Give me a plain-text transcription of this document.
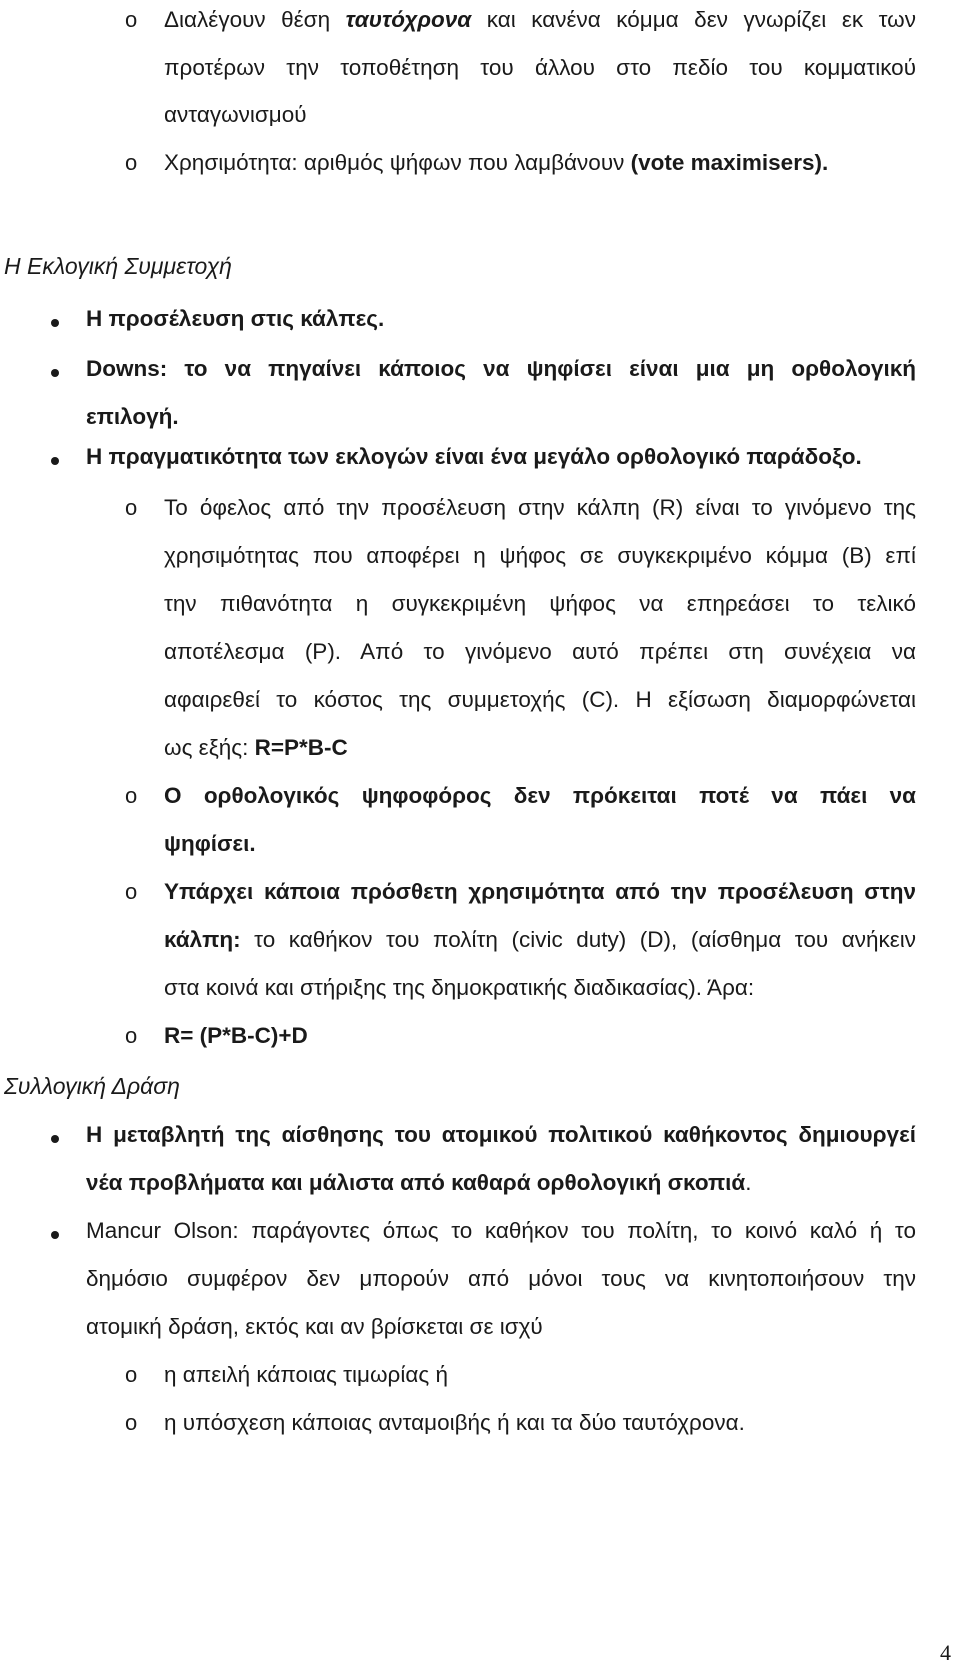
o Διαλέγουν θέση ταυτόχρονα και κανένα κόμμα δεν γνωρίζει εκ των
προτέρων την τοποθέτηση του άλλου στο πεδίο του κομματικού
ανταγωνισμού
o Χρησιμότητα: αριθμός ψήφων που λαμβάνουν (vote maximisers).
Η Εκλογική Συμμετοχή
Η προσέλευση στις κάλπες.
Downs: το να πηγαίνει κάποιος να ψηφίσει είναι μια μη ορθολογική
επιλογή.
Η πραγματικότητα των εκλογών είναι ένα μεγάλο ορθολογικό παράδοξο.
o Το όφελος από την προσέλευση στην κάλπη (R) είναι το γινόμενο της
χρησιμότητας που αποφέρει η ψήφος σε συγκεκριμένο κόμμα (B) επί
την πιθανότητα η συγκεκριμένη ψήφος να επηρεάσει το τελικό
αποτέλεσμα (P). Από το γινόμενο αυτό πρέπει στη συνέχεια να
αφαιρεθεί το κόστος της συμμετοχής (C). Η εξίσωση διαμορφώνεται
ως εξής: R=P*B-C
o Ο ορθολογικός ψηφοφόρος δεν πρόκειται ποτέ να πάει να
ψηφίσει.
o Υπάρχει κάποια πρόσθετη χρησιμότητα από την προσέλευση στην
κάλπη: το καθήκον του πολίτη (civic duty) (D), (αίσθημα του ανήκειν
στα κοινά και στήριξης της δημοκρατικής διαδικασίας). Άρα:
o R= (P*B-C)+D
Συλλογική Δράση
Η μεταβλητή της αίσθησης του ατομικού πολιτικού καθήκοντος δημιουργεί
νέα προβλήματα και μάλιστα από καθαρά ορθολογική σκοπιά.
Mancur Olson: παράγοντες όπως το καθήκον του πολίτη, το κοινό καλό ή το
δημόσιο συμφέρον δεν μπορούν από μόνοι τους να κινητοποιήσουν την
ατομική δράση, εκτός και αν βρίσκεται σε ισχύ
o η απειλή κάποιας τιμωρίας ή
o η υπόσχεση κάποιας ανταμοιβής ή και τα δύο ταυτόχρονα.
4
